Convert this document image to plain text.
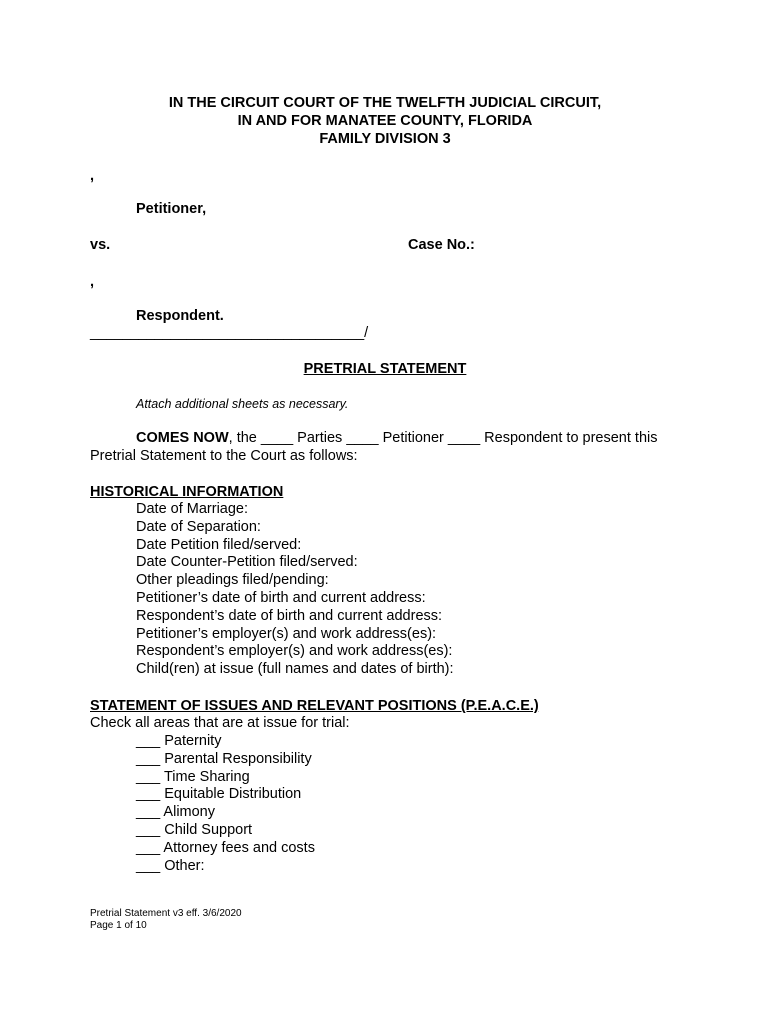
IN THE CIRCUIT COURT OF THE TWELFTH JUDICIAL CIRCUIT,
IN AND FOR MANATEE COUNTY, FLORIDA
FAMILY DIVISION 3
,
Petitioner,
vs.	Case No.:
,
Respondent.
__________________________________/
PRETRIAL STATEMENT
Attach additional sheets as necessary.
COMES NOW, the ____ Parties ____ Petitioner ____ Respondent to present this
Pretrial Statement to the Court as follows:
HISTORICAL INFORMATION
Date of Marriage:
Date of Separation:
Date Petition filed/served:
Date Counter-Petition filed/served:
Other pleadings filed/pending:
Petitioner’s date of birth and current address:
Respondent’s date of birth and current address:
Petitioner’s employer(s) and work address(es):
Respondent’s employer(s) and work address(es):
Child(ren) at issue (full names and dates of birth):
STATEMENT OF ISSUES AND RELEVANT POSITIONS (P.E.A.C.E.)
Check all areas that are at issue for trial:
___ Paternity
___ Parental Responsibility
___ Time Sharing
___ Equitable Distribution
___ Alimony
___ Child Support
___ Attorney fees and costs
___ Other:
Pretrial Statement v3 eff. 3/6/2020
Page 1 of 10
